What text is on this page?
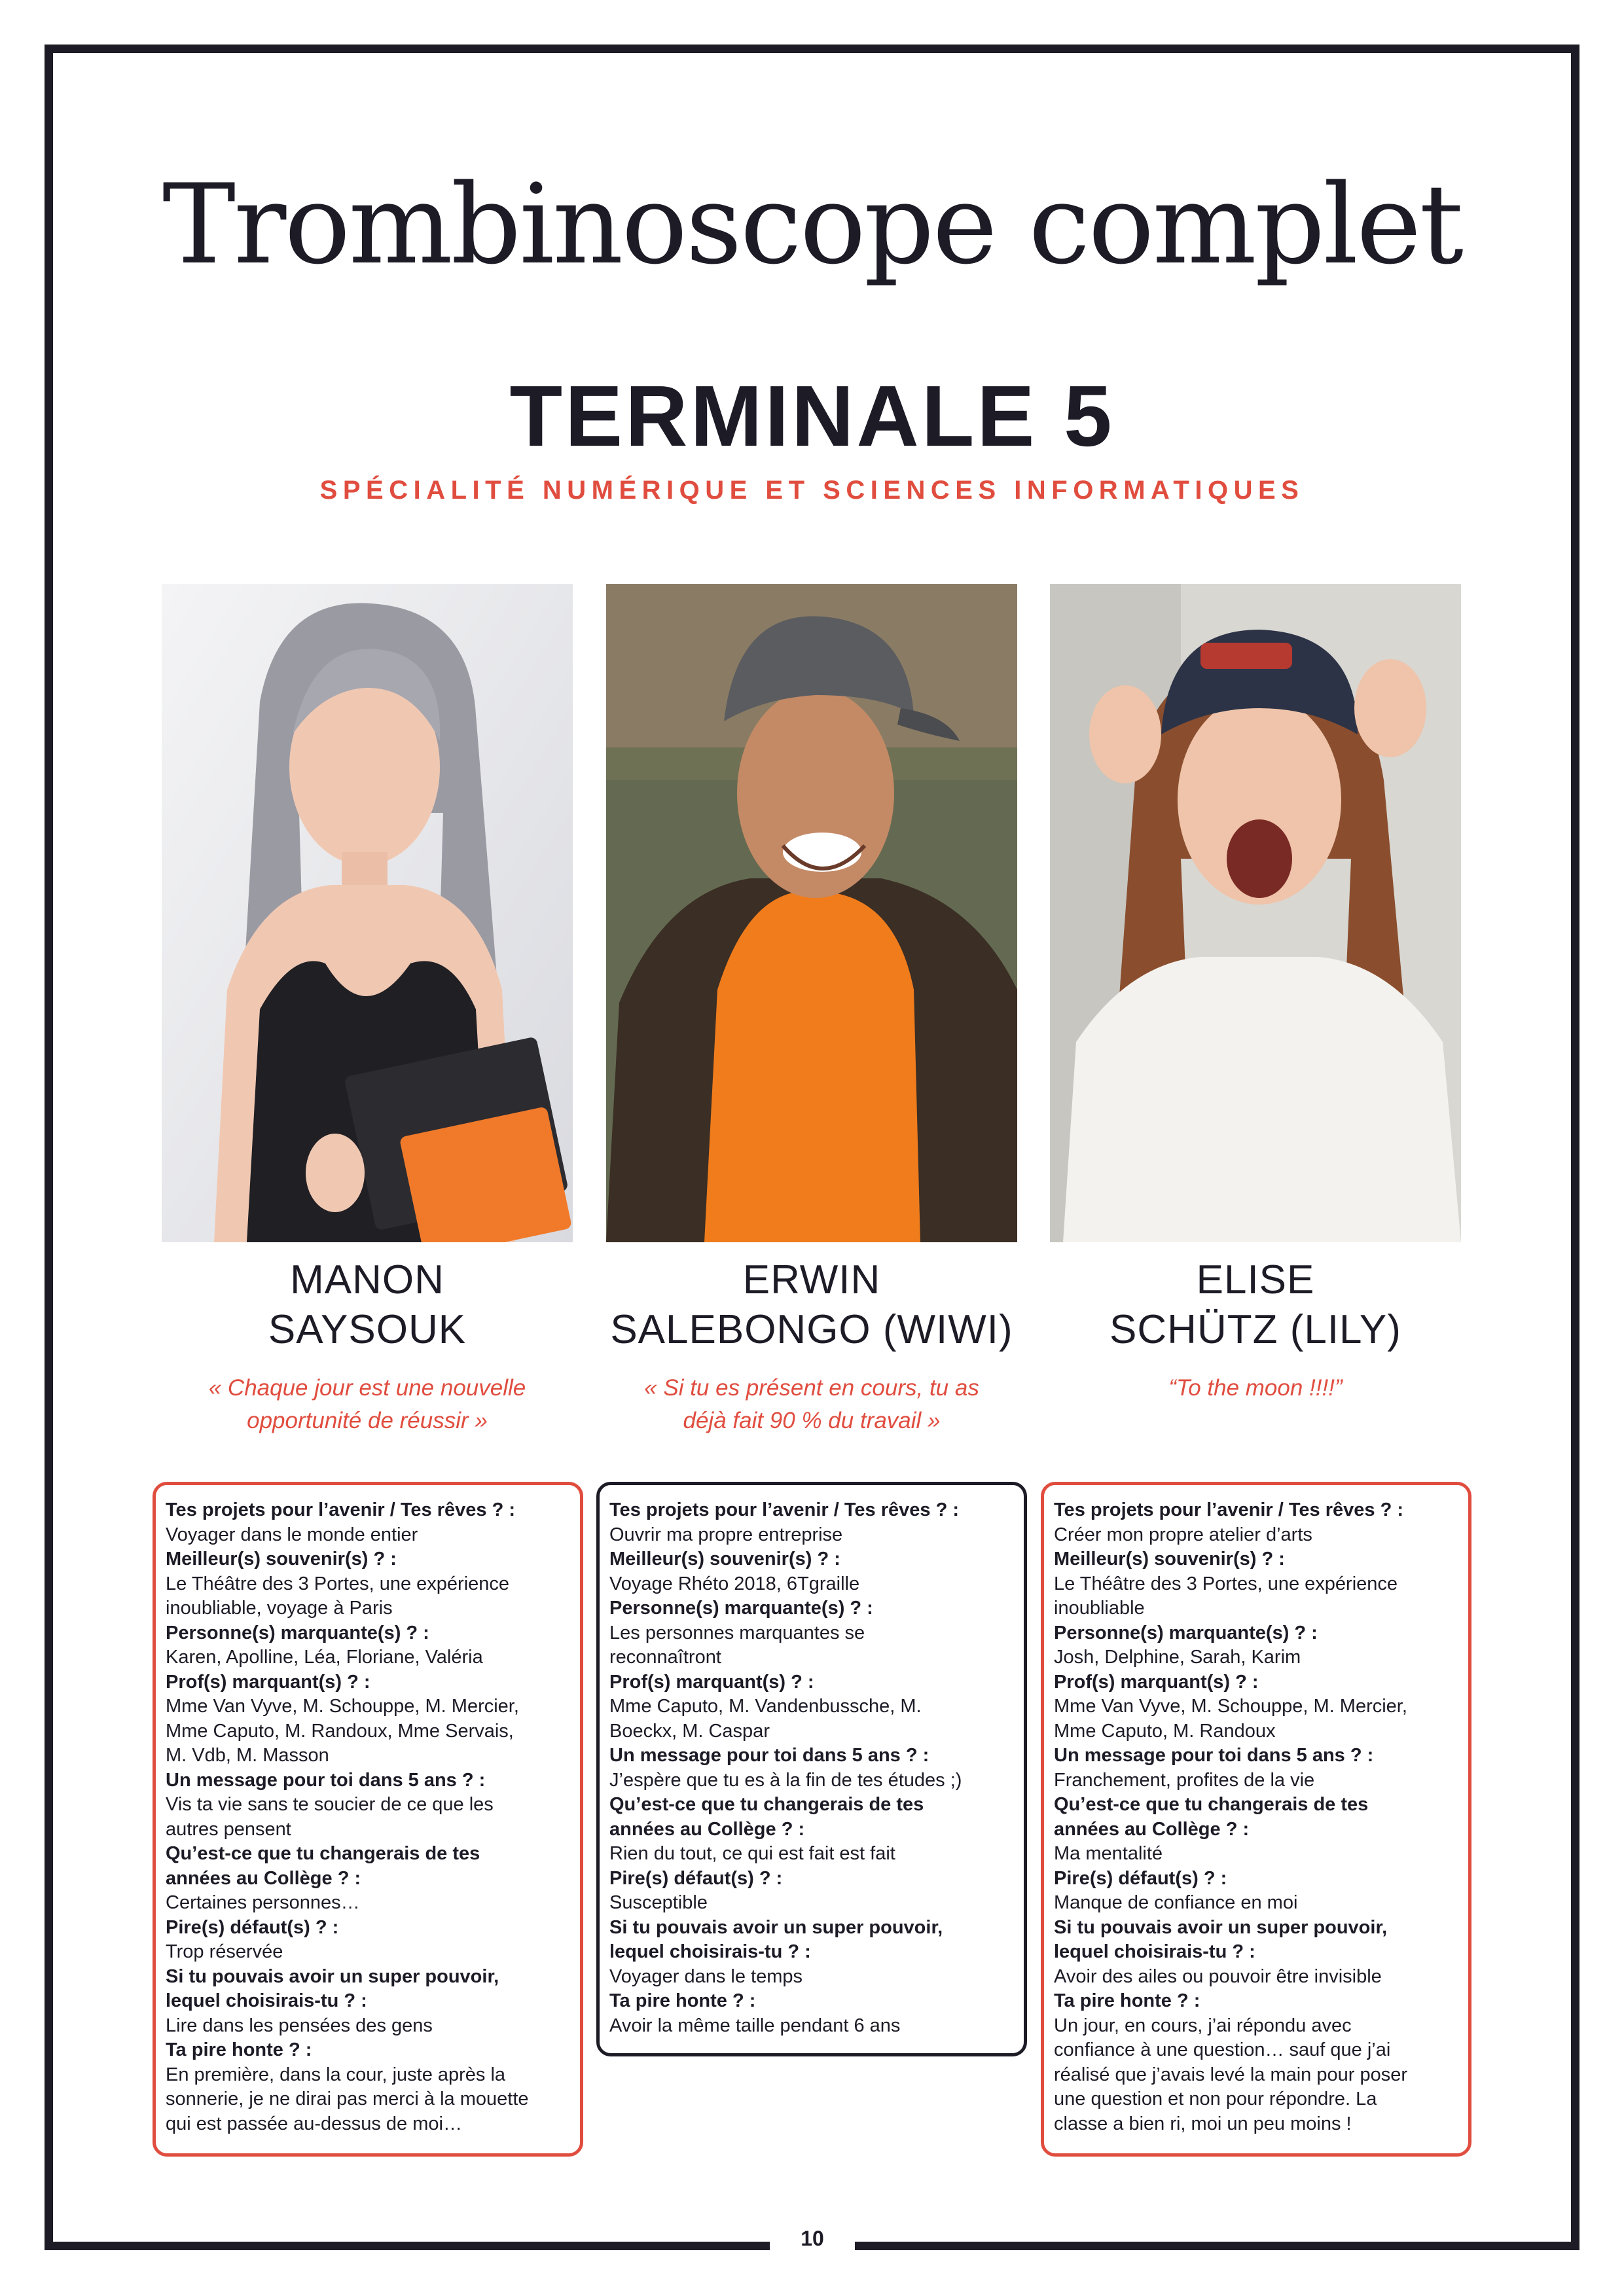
10
Trombinoscope complet
TERMINALE 5
SPÉCIALITÉ NUMÉRIQUE ET SCIENCES INFORMATIQUES
MANON
SAYSOUK
« Chaque jour est une nouvelle
opportunité de réussir »
ERWIN
SALEBONGO (WIWI)
« Si tu es présent en cours, tu as
déjà fait 90 % du travail »
ELISE
SCHÜTZ (LILY)
“To the moon !!!!”
Tes projets pour l’avenir / Tes rêves ? :
Voyager dans le monde entier
Meilleur(s) souvenir(s) ? :
Le Théâtre des 3 Portes, une expérience
inoubliable, voyage à Paris
Personne(s) marquante(s) ? :
Karen, Apolline, Léa, Floriane, Valéria
Prof(s) marquant(s) ? :
Mme Van Vyve, M. Schouppe, M. Mercier,
Mme Caputo, M. Randoux, Mme Servais,
M. Vdb, M. Masson
Un message pour toi dans 5 ans ? :
Vis ta vie sans te soucier de ce que les
autres pensent
Qu’est-ce que tu changerais de tes
années au Collège ? :
Certaines personnes…
Pire(s) défaut(s) ? :
Trop réservée
Si tu pouvais avoir un super pouvoir,
lequel choisirais-tu ? :
Lire dans les pensées des gens
Ta pire honte ? :
En première, dans la cour, juste après la
sonnerie, je ne dirai pas merci à la mouette
qui est passée au-dessus de moi…
Tes projets pour l’avenir / Tes rêves ? :
Ouvrir ma propre entreprise
Meilleur(s) souvenir(s) ? :
Voyage Rhéto 2018, 6Tgraille
Personne(s) marquante(s) ? :
Les personnes marquantes se
reconnaîtront
Prof(s) marquant(s) ? :
Mme Caputo, M. Vandenbussche, M.
Boeckx, M. Caspar
Un message pour toi dans 5 ans ? :
J’espère que tu es à la fin de tes études ;)
Qu’est-ce que tu changerais de tes
années au Collège ? :
Rien du tout, ce qui est fait est fait
Pire(s) défaut(s) ? :
Susceptible
Si tu pouvais avoir un super pouvoir,
lequel choisirais-tu ? :
Voyager dans le temps
Ta pire honte ? :
Avoir la même taille pendant 6 ans
Tes projets pour l’avenir / Tes rêves ? :
Créer mon propre atelier d’arts
Meilleur(s) souvenir(s) ? :
Le Théâtre des 3 Portes, une expérience
inoubliable
Personne(s) marquante(s) ? :
Josh, Delphine, Sarah, Karim
Prof(s) marquant(s) ? :
Mme Van Vyve, M. Schouppe, M. Mercier,
Mme Caputo, M. Randoux
Un message pour toi dans 5 ans ? :
Franchement, profites de la vie
Qu’est-ce que tu changerais de tes
années au Collège ? :
Ma mentalité
Pire(s) défaut(s) ? :
Manque de confiance en moi
Si tu pouvais avoir un super pouvoir,
lequel choisirais-tu ? :
Avoir des ailes ou pouvoir être invisible
Ta pire honte ? :
Un jour, en cours, j’ai répondu avec
confiance à une question… sauf que j’ai
réalisé que j’avais levé la main pour poser
une question et non pour répondre. La
classe a bien ri, moi un peu moins !
